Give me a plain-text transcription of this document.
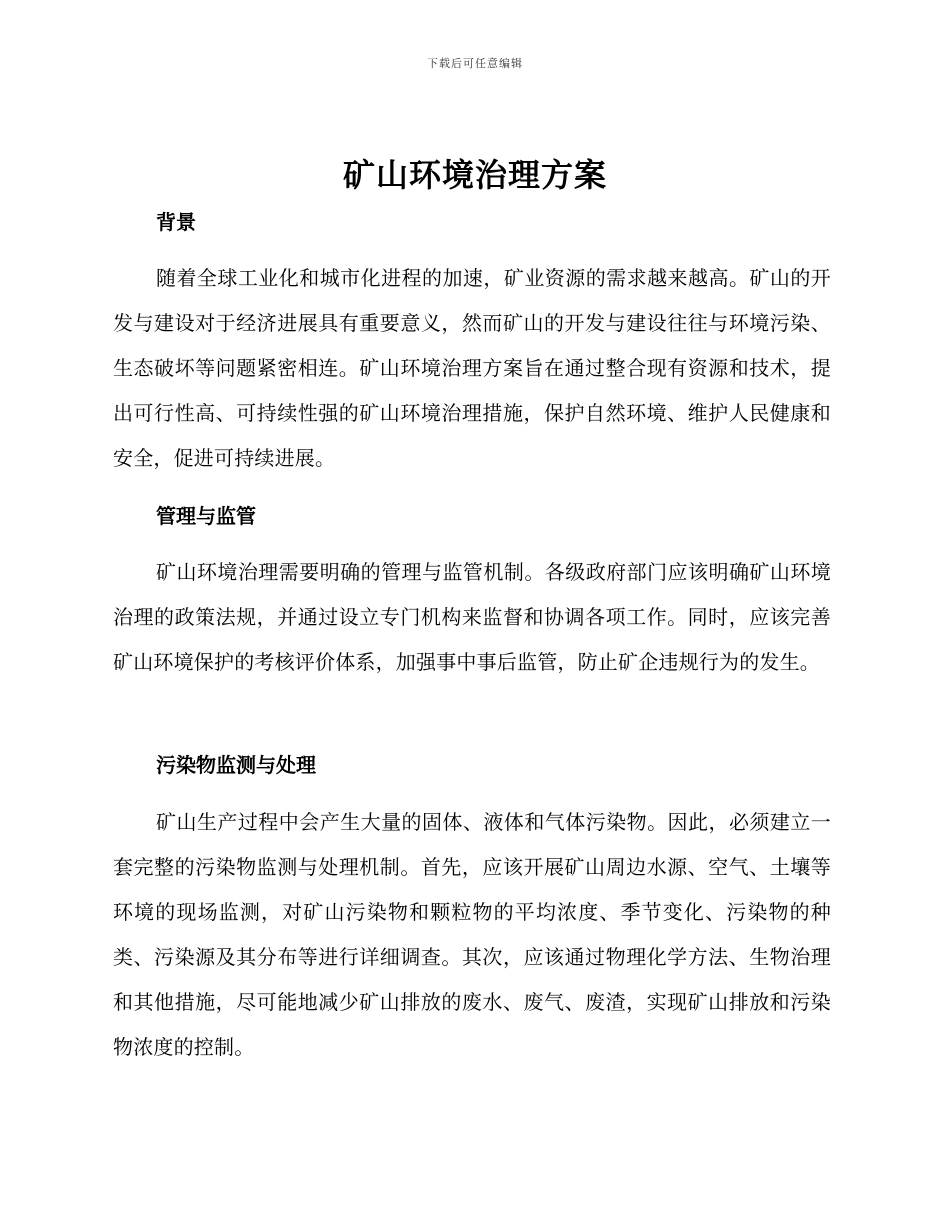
下载后可任意编辑
矿山环境治理方案
背景

随着全球工业化和城市化进程的加速，矿业资源的需求越来越高。矿山的开发与建设对于经济进展具有重要意义，然而矿山的开发与建设往往与环境污染、生态破坏等问题紧密相连。矿山环境治理方案旨在通过整合现有资源和技术，提出可行性高、可持续性强的矿山环境治理措施，保护自然环境、维护人民健康和安全，促进可持续进展。

管理与监管

矿山环境治理需要明确的管理与监管机制。各级政府部门应该明确矿山环境治理的政策法规，并通过设立专门机构来监督和协调各项工作。同时，应该完善矿山环境保护的考核评价体系，加强事中事后监管，防止矿企违规行为的发生。

污染物监测与处理

矿山生产过程中会产生大量的固体、液体和气体污染物。因此，必须建立一套完整的污染物监测与处理机制。首先，应该开展矿山周边水源、空气、土壤等环境的现场监测，对矿山污染物和颗粒物的平均浓度、季节变化、污染物的种类、污染源及其分布等进行详细调查。其次，应该通过物理化学方法、生物治理和其他措施，尽可能地减少矿山排放的废水、废气、废渣，实现矿山排放和污染物浓度的控制。
